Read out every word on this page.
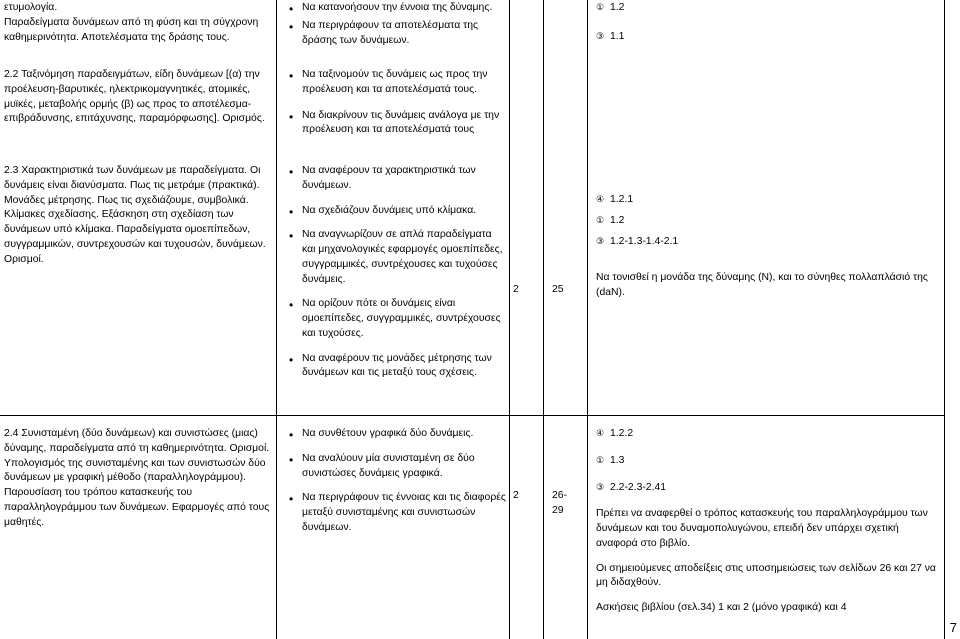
ετυμολογία.

Παραδείγματα δυνάμεων από τη φύση και τη σύγχρονη καθημερινότητα. Αποτελέσματα της δράσης τους.

• Να κατανοήσουν την έννοια της δύναμης.
• Να περιγράφουν τα αποτελέσματα της δράσης των δυνάμεων.

① 1.2

③ 1.1

2.2 Ταξινόμηση παραδειγμάτων, είδη δυνάμεων [(α) την προέλευση-βαρυτικές, ηλεκτρικομαγνητικές, ατομικές, μυϊκές, μεταβολής ορμής (β) ως προς το αποτέλεσμα- επιβράδυνσης, επιτάχυνσης, παραμόρφωσης]. Ορισμός.

• Να ταξινομούν τις δυνάμεις ως προς την προέλευση και τα αποτελέσματά τους.
• Να διακρίνουν τις δυνάμεις ανάλογα με την προέλευση και τα αποτελέσματά τους

2.3 Χαρακτηριστικά των δυνάμεων με παραδείγματα. Οι δυνάμεις είναι διανύσματα. Πως τις μετράμε (πρακτικά). Μονάδες μέτρησης. Πως τις σχεδιάζουμε, συμβολικά. Κλίμακες σχεδίασης. Εξάσκηση στη σχεδίαση των δυνάμεων υπό κλίμακα. Παραδείγματα ομοεπίπεδων, συγγραμμικών, συντρεχουσών και τυχουσών, δυνάμεων. Ορισμοί.

• Να αναφέρουν τα χαρακτηριστικά των δυνάμεων.
• Να σχεδιάζουν δυνάμεις υπό κλίμακα.
• Να αναγνωρίζουν σε απλά παραδείγματα και μηχανολογικές εφαρμογές ομοεπίπεδες, συγγραμμικές, συντρέχουσες και τυχούσες δυνάμεις.
• Να ορίζουν πότε οι δυνάμεις είναι ομοεπίπεδες, συγγραμμικές, συντρέχουσες και τυχούσες.
• Να αναφέρουν τις μονάδες μέτρησης των δυνάμεων και τις μεταξύ τους σχέσεις.
2	25

④ 1.2.1

① 1.2

③ 1.2-1.3-1.4-2.1

Να τονισθεί η μονάδα της δύναμης (Ν), και το σύνηθες πολλαπλάσιό της (daN).

2.4 Συνισταμένη (δύο δυνάμεων) και συνιστώσες (μιας) δύναμης, παραδείγματα από τη καθημερινότητα. Ορισμοί.

Υπολογισμός της συνισταμένης και των συνιστωσών δύο δυνάμεων με γραφική μέθοδο (παραλληλογράμμου). Παρουσίαση του τρόπου κατασκευής του παραλληλογράμμου των δυνάμεων. Εφαρμογές από τους μαθητές.

• Να συνθέτουν γραφικά δύο δυνάμεις.
• Να αναλύουν μία συνισταμένη σε δύο συνιστώσες δυνάμεις γραφικά.
• Να περιγράφουν τις έννοιας και τις διαφορές μεταξύ συνισταμένης και συνιστωσών δυνάμεων.
2	26-
29

④ 1.2.2

① 1.3

③ 2.2-2.3-2.41

Πρέπει να αναφερθεί ο τρόπος κατασκευής του παραλληλογράμμου των δυνάμεων και του δυναμοπολυγώνου, επειδή δεν υπάρχει σχετική αναφορά στο βιβλίο.

Οι σημειούμενες αποδείξεις στις υποσημειώσεις των σελίδων 26 και 27 να μη διδαχθούν.

Ασκήσεις βιβλίου (σελ.34) 1 και 2 (μόνο γραφικά) και 4

7
